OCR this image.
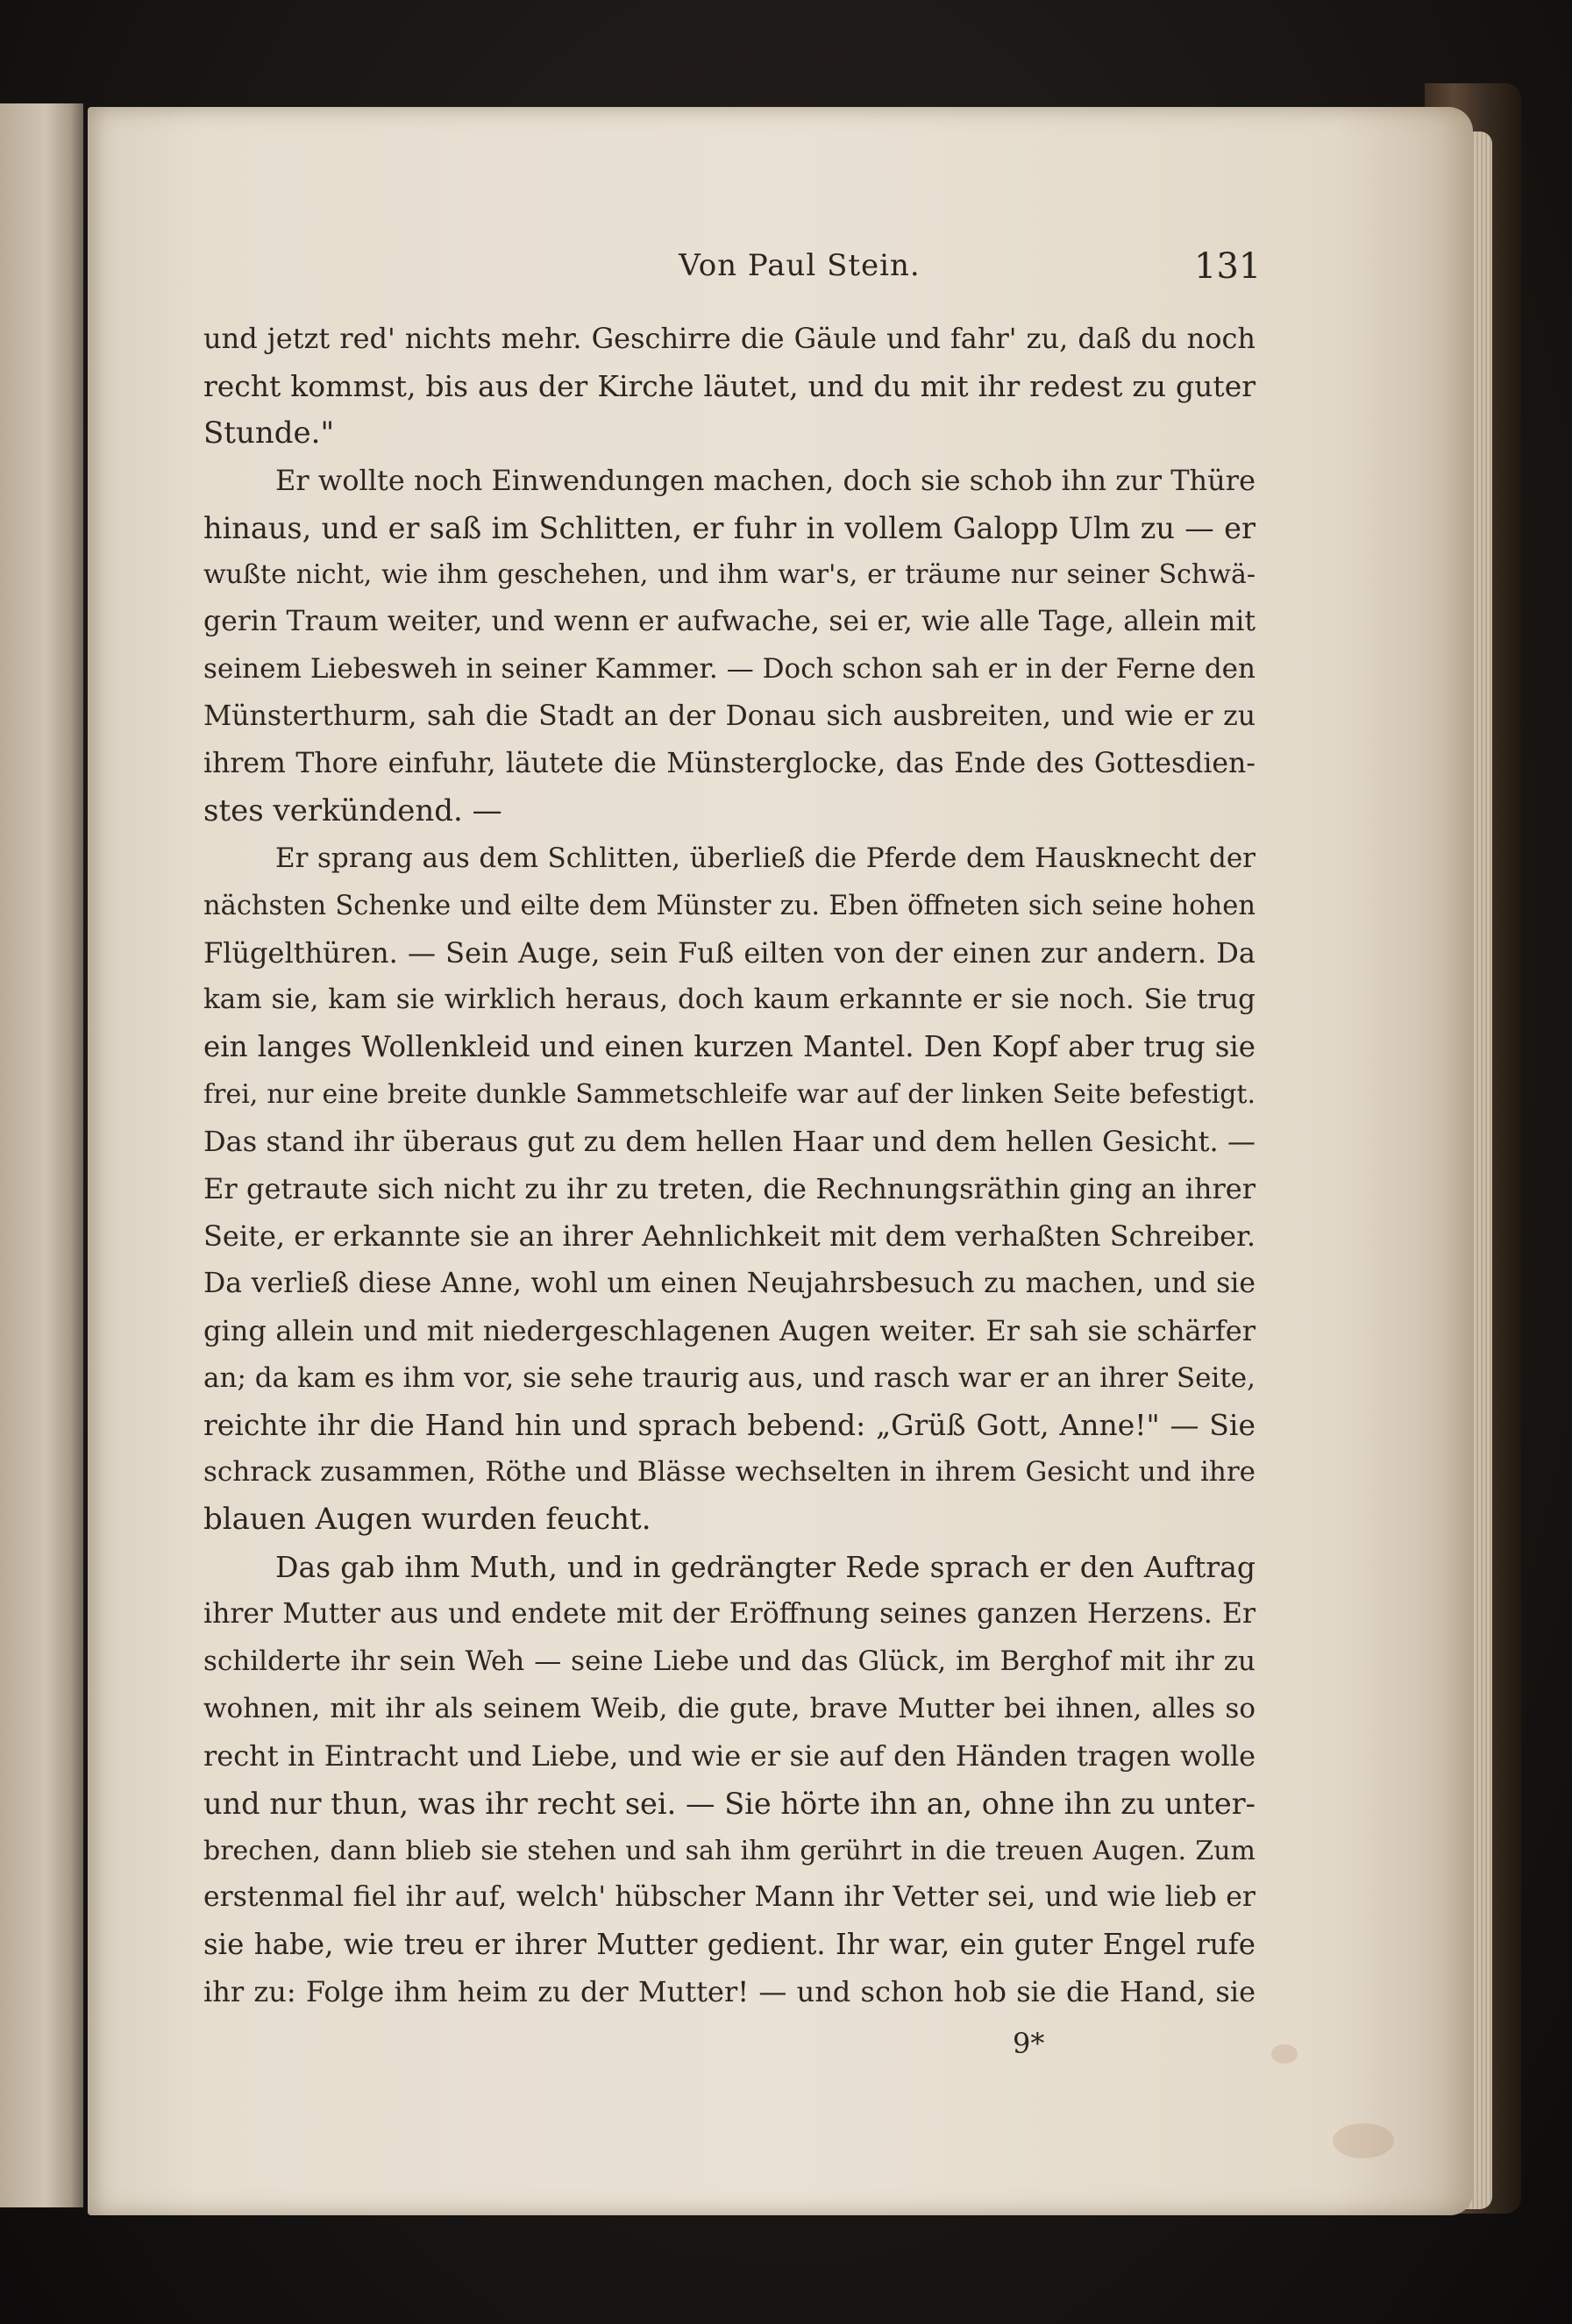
Von Paul Stein.	131
und jetzt red' nichts mehr. Geschirre die Gäule und fahr' zu, daß du noch
recht kommst, bis aus der Kirche läutet, und du mit ihr redest zu guter
Stunde."
Er wollte noch Einwendungen machen, doch sie schob ihn zur Thüre
hinaus, und er saß im Schlitten, er fuhr in vollem Galopp Ulm zu — er
wußte nicht, wie ihm geschehen, und ihm war's, er träume nur seiner Schwä-
gerin Traum weiter, und wenn er aufwache, sei er, wie alle Tage, allein mit
seinem Liebesweh in seiner Kammer. — Doch schon sah er in der Ferne den
Münsterthurm, sah die Stadt an der Donau sich ausbreiten, und wie er zu
ihrem Thore einfuhr, läutete die Münsterglocke, das Ende des Gottesdien-
stes verkündend. —
Er sprang aus dem Schlitten, überließ die Pferde dem Hausknecht der
nächsten Schenke und eilte dem Münster zu. Eben öffneten sich seine hohen
Flügelthüren. — Sein Auge, sein Fuß eilten von der einen zur andern. Da
kam sie, kam sie wirklich heraus, doch kaum erkannte er sie noch. Sie trug
ein langes Wollenkleid und einen kurzen Mantel. Den Kopf aber trug sie
frei, nur eine breite dunkle Sammetschleife war auf der linken Seite befestigt.
Das stand ihr überaus gut zu dem hellen Haar und dem hellen Gesicht. —
Er getraute sich nicht zu ihr zu treten, die Rechnungsräthin ging an ihrer
Seite, er erkannte sie an ihrer Aehnlichkeit mit dem verhaßten Schreiber.
Da verließ diese Anne, wohl um einen Neujahrsbesuch zu machen, und sie
ging allein und mit niedergeschlagenen Augen weiter. Er sah sie schärfer
an; da kam es ihm vor, sie sehe traurig aus, und rasch war er an ihrer Seite,
reichte ihr die Hand hin und sprach bebend: „Grüß Gott, Anne!" — Sie
schrack zusammen, Röthe und Blässe wechselten in ihrem Gesicht und ihre
blauen Augen wurden feucht.
Das gab ihm Muth, und in gedrängter Rede sprach er den Auftrag
ihrer Mutter aus und endete mit der Eröffnung seines ganzen Herzens. Er
schilderte ihr sein Weh — seine Liebe und das Glück, im Berghof mit ihr zu
wohnen, mit ihr als seinem Weib, die gute, brave Mutter bei ihnen, alles so
recht in Eintracht und Liebe, und wie er sie auf den Händen tragen wolle
und nur thun, was ihr recht sei. — Sie hörte ihn an, ohne ihn zu unter-
brechen, dann blieb sie stehen und sah ihm gerührt in die treuen Augen. Zum
erstenmal fiel ihr auf, welch' hübscher Mann ihr Vetter sei, und wie lieb er
sie habe, wie treu er ihrer Mutter gedient. Ihr war, ein guter Engel rufe
ihr zu: Folge ihm heim zu der Mutter! — und schon hob sie die Hand, sie
9*
